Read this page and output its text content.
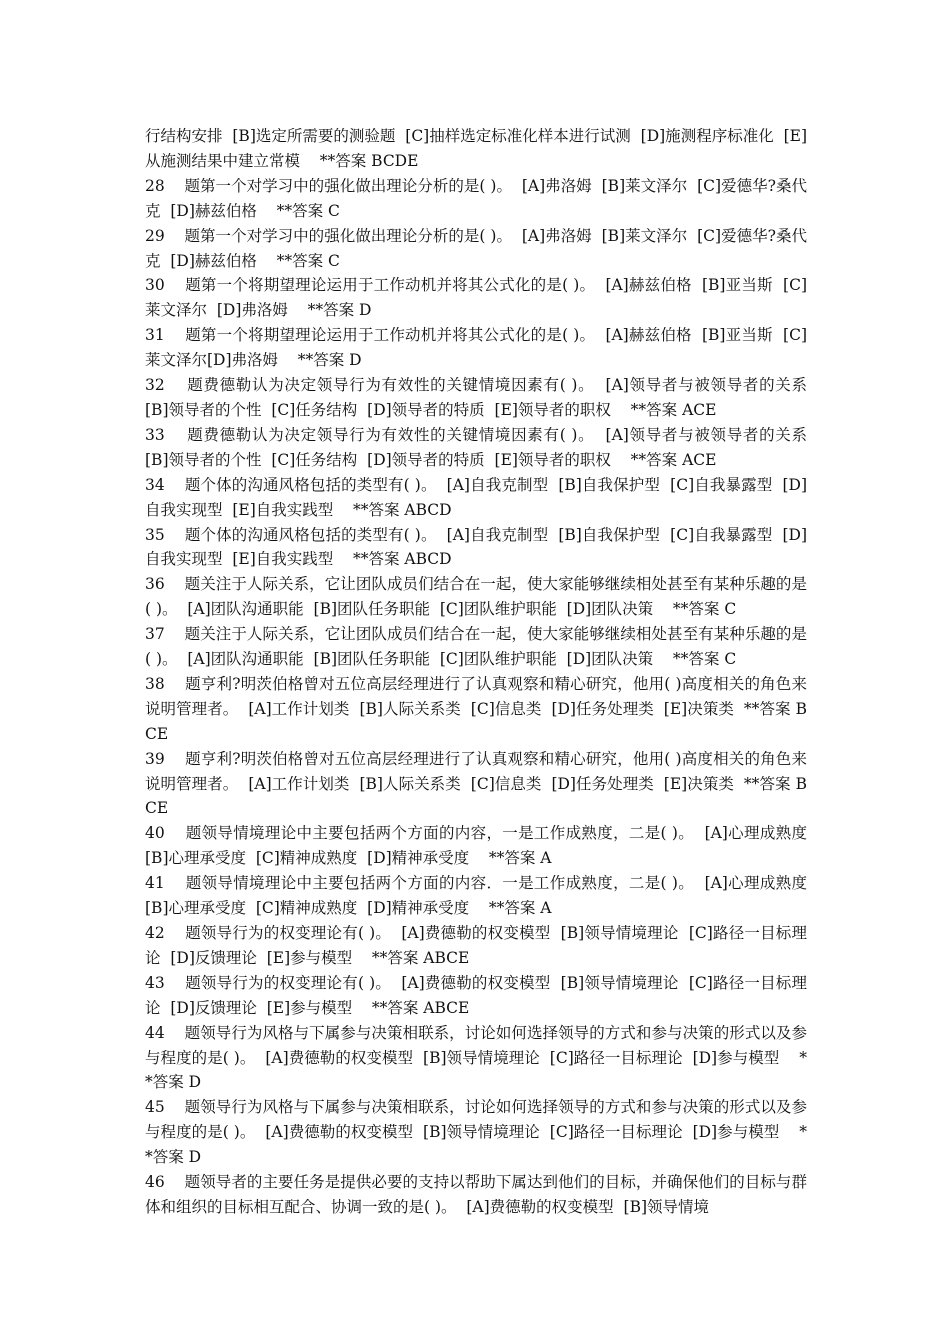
行结构安排  [B]选定所需要的测验题  [C]抽样选定标准化样本进行试测  [D]施测程序标准化  [E]从施测结果中建立常模    **答案 BCDE

28    题第一个对学习中的强化做出理论分析的是( )。  [A]弗洛姆  [B]莱文泽尔  [C]爱德华?桑代克  [D]赫兹伯格    **答案 C

29    题第一个对学习中的强化做出理论分析的是( )。  [A]弗洛姆  [B]莱文泽尔  [C]爱德华?桑代克  [D]赫兹伯格    **答案 C

30    题第一个将期望理论运用于工作动机并将其公式化的是( )。  [A]赫兹伯格  [B]亚当斯  [C]莱文泽尔  [D]弗洛姆    **答案 D

31    题第一个将期望理论运用于工作动机并将其公式化的是( )。  [A]赫兹伯格  [B]亚当斯  [C]莱文泽尔[D]弗洛姆    **答案 D

32    题费德勒认为决定领导行为有效性的关键情境因素有( )。  [A]领导者与被领导者的关系  [B]领导者的个性  [C]任务结构  [D]领导者的特质  [E]领导者的职权    **答案 ACE

33    题费德勒认为决定领导行为有效性的关键情境因素有( )。  [A]领导者与被领导者的关系  [B]领导者的个性  [C]任务结构  [D]领导者的特质  [E]领导者的职权    **答案 ACE

34    题个体的沟通风格包括的类型有( )。  [A]自我克制型  [B]自我保护型  [C]自我暴露型  [D]自我实现型  [E]自我实践型    **答案 ABCD

35    题个体的沟通风格包括的类型有( )。  [A]自我克制型  [B]自我保护型  [C]自我暴露型  [D]自我实现型  [E]自我实践型    **答案 ABCD

36    题关注于人际关系，它让团队成员们结合在一起，使大家能够继续相处甚至有某种乐趣的是( )。  [A]团队沟通职能  [B]团队任务职能  [C]团队维护职能  [D]团队决策    **答案 C

37    题关注于人际关系，它让团队成员们结合在一起，使大家能够继续相处甚至有某种乐趣的是( )。  [A]团队沟通职能  [B]团队任务职能  [C]团队维护职能  [D]团队决策    **答案 C

38    题亨利?明茨伯格曾对五位高层经理进行了认真观察和精心研究，他用( )高度相关的角色来说明管理者。  [A]工作计划类  [B]人际关系类  [C]信息类  [D]任务处理类  [E]决策类  **答案 BCE

39    题亨利?明茨伯格曾对五位高层经理进行了认真观察和精心研究，他用( )高度相关的角色来说明管理者。  [A]工作计划类  [B]人际关系类  [C]信息类  [D]任务处理类  [E]决策类  **答案 BCE

40    题领导情境理论中主要包括两个方面的内容，一是工作成熟度，二是( )。  [A]心理成熟度  [B]心理承受度  [C]精神成熟度  [D]精神承受度    **答案 A

41    题领导情境理论中主要包括两个方面的内容．一是工作成熟度，二是( )。  [A]心理成熟度  [B]心理承受度  [C]精神成熟度  [D]精神承受度    **答案 A

42    题领导行为的权变理论有( )。  [A]费德勒的权变模型  [B]领导情境理论  [C]路径一目标理论  [D]反馈理论  [E]参与模型    **答案 ABCE

43    题领导行为的权变理论有( )。  [A]费德勒的权变模型  [B]领导情境理论  [C]路径一目标理论  [D]反馈理论  [E]参与模型    **答案 ABCE

44    题领导行为风格与下属参与决策相联系，讨论如何选择领导的方式和参与决策的形式以及参与程度的是( )。  [A]费德勒的权变模型  [B]领导情境理论  [C]路径一目标理论  [D]参与模型    **答案 D

45    题领导行为风格与下属参与决策相联系，讨论如何选择领导的方式和参与决策的形式以及参与程度的是( )。  [A]费德勒的权变模型  [B]领导情境理论  [C]路径一目标理论  [D]参与模型    **答案 D

46    题领导者的主要任务是提供必要的支持以帮助下属达到他们的目标，并确保他们的目标与群体和组织的目标相互配合、协调一致的是( )。  [A]费德勒的权变模型  [B]领导情境
